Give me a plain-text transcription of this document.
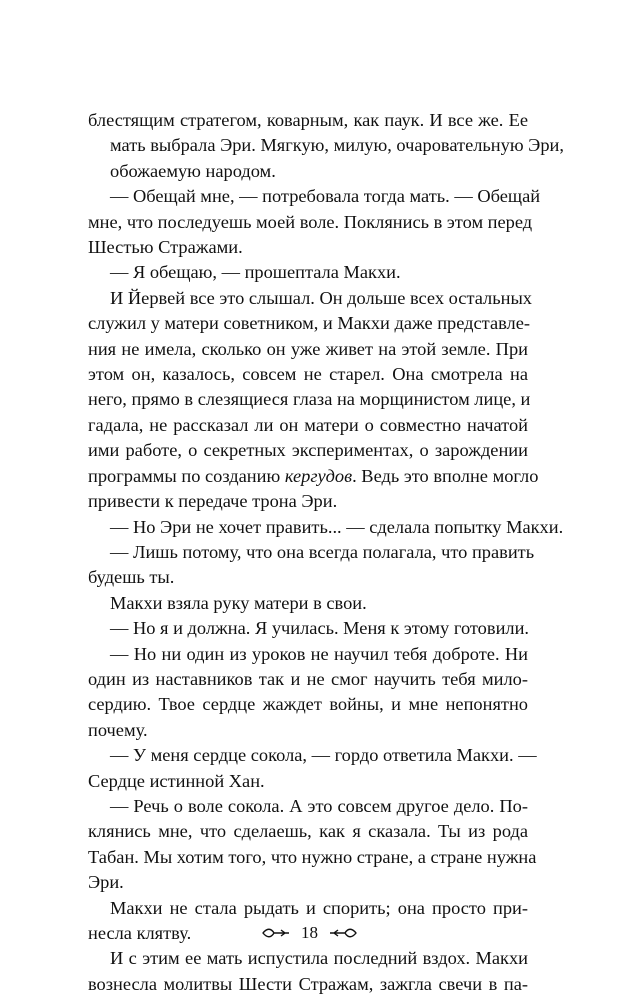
блестящим стратегом, коварным, как паук. И все же. Ее
мать выбрала Эри. Мягкую, милую, очаровательную Эри,
обожаемую народом.

— Обещай мне, — потребовала тогда мать. — Обещай
мне, что последуешь моей воле. Поклянись в этом перед
Шестью Стражами.

— Я обещаю, — прошептала Макхи.

И Йервей все это слышал. Он дольше всех остальных
служил у матери советником, и Макхи даже представле-
ния не имела, сколько он уже живет на этой земле. При
этом он, казалось, совсем не старел. Она смотрела на
него, прямо в слезящиеся глаза на морщинистом лице, и
гадала, не рассказал ли он матери о совместно начатой
ими работе, о секретных экспериментах, о зарождении
программы по созданию кергудов. Ведь это вполне могло
привести к передаче трона Эри.

— Но Эри не хочет править... — сделала попытку Макхи.

— Лишь потому, что она всегда полагала, что править
будешь ты.

Макхи взяла руку матери в свои.

— Но я и должна. Я училась. Меня к этому готовили.

— Но ни один из уроков не научил тебя доброте. Ни
один из наставников так и не смог научить тебя мило-
сердию. Твое сердце жаждет войны, и мне непонятно
почему.

— У меня сердце сокола, — гордо ответила Макхи. —
Сердце истинной Хан.

— Речь о воле сокола. А это совсем другое дело. По-
клянись мне, что сделаешь, как я сказала. Ты из рода
Табан. Мы хотим того, что нужно стране, а стране нужна
Эри.

Макхи не стала рыдать и спорить; она просто при-
несла клятву.

И с этим ее мать испустила последний вздох. Макхи
вознесла молитвы Шести Стражам, зажгла свечи в па-

18
